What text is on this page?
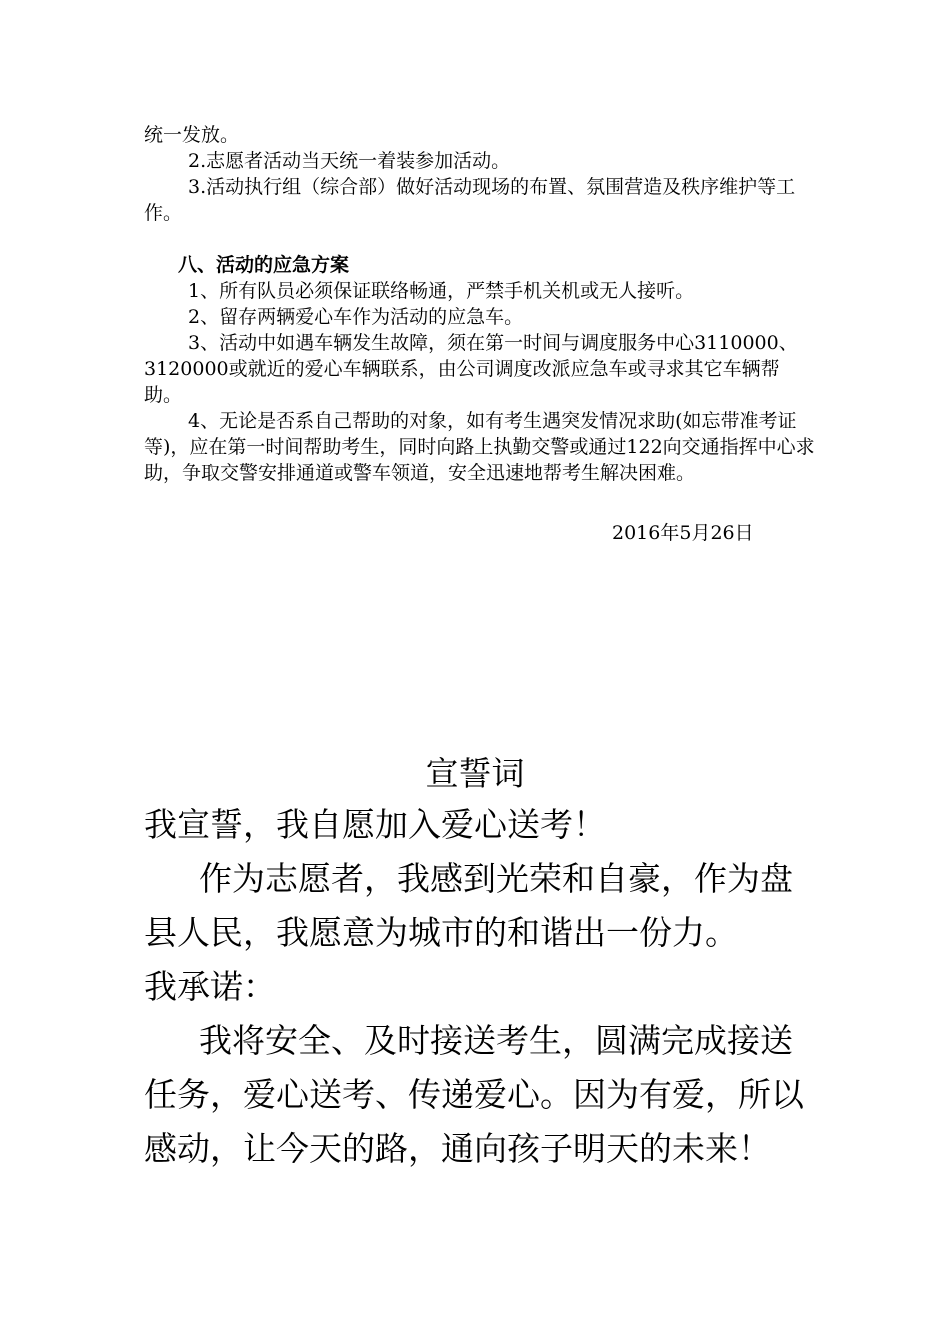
统一发放。

2.志愿者活动当天统一着装参加活动。

3.活动执行组（综合部）做好活动现场的布置、氛围营造及秩序维护等工作。

八、活动的应急方案

1、所有队员必须保证联络畅通，严禁手机关机或无人接听。

2、留存两辆爱心车作为活动的应急车。

3、活动中如遇车辆发生故障，须在第一时间与调度服务中心3110000、3120000或就近的爱心车辆联系，由公司调度改派应急车或寻求其它车辆帮助。

4、无论是否系自己帮助的对象，如有考生遇突发情况求助(如忘带准考证等)，应在第一时间帮助考生，同时向路上执勤交警或通过122向交通指挥中心求助，争取交警安排通道或警车领道，安全迅速地帮考生解决困难。

2016年5月26日
宣誓词

我宣誓，我自愿加入爱心送考！

作为志愿者，我感到光荣和自豪，作为盘县人民，我愿意为城市的和谐出一份力。

我承诺：

我将安全、及时接送考生，圆满完成接送任务，爱心送考、传递爱心。因为有爱，所以感动，让今天的路，通向孩子明天的未来！
